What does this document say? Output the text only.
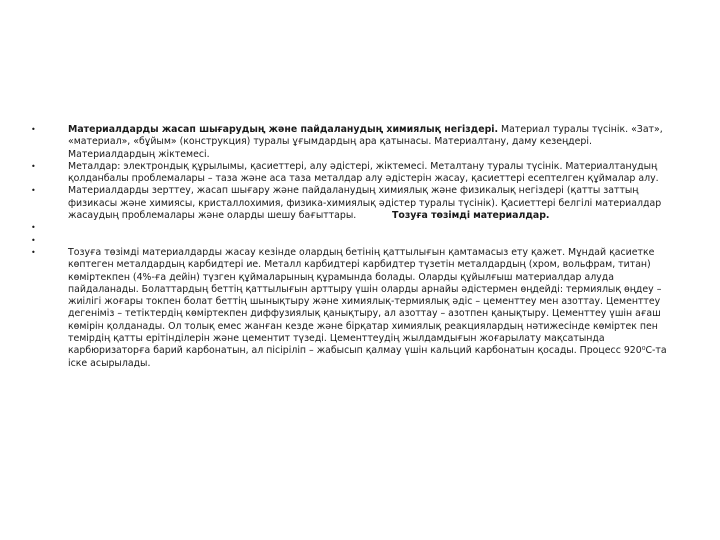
•	Материалдарды жасап шығарудың және пайдаланудың химиялық негіздері. Материал туралы түсінік. «Зат», «материал», «бұйым» (конструкция) туралы ұғымдардың ара қатынасы. Материалтану, даму кезеңдері. Материалдардың жіктемесі.

•	Металдар: электрондық құрылымы, қасиеттері, алу әдістері, жіктемесі. Металтану туралы түсінік. Материалтанудың қолданбалы проблемалары – таза және аса таза металдар алу әдістерін жасау, қасиеттері есептелген құймалар алу.

•	Материалдарды зерттеу, жасап шығару және пайдаланудың химиялық және физикалық негіздері (қатты заттың физикасы және химиясы, кристаллохимия, физика-химиялық әдістер туралы түсінік). Қасиеттері белгілі материалдар жасаудың проблемалары және оларды шешу бағыттары.	Тозуға төзімді материалдар.

•
•
•	Тозуға төзімді материалдарды жасау кезінде олардың бетінің қаттылығын қамтамасыз ету қажет. Мұндай қасиетке көптеген металдардың карбидтері ие. Металл карбидтері карбидтер түзетін металдардың (хром, вольфрам, титан) көміртекпен (4%-ға дейін) түзген құймаларының құрамында болады. Оларды құйылғыш материалдар алуда пайдаланады. Болаттардың беттің қаттылығын арттыру үшін оларды арнайы әдістермен өңдейді: термиялық өңдеу – жиілігі жоғары токпен болат беттің шынықтыру және химиялық-термиялық әдіс – цементтеу мен азоттау. Цементтеу дегеніміз – тетіктердің көміртекпен диффузиялық қанықтыру, ал азоттау – азотпен қанықтыру. Цементтеу үшін ағаш көмірін қолданады. Ол толық емес жанған кезде және бірқатар химиялық реакциялардың нәтижесінде көміртек пен темірдің қатты ерітінділерін және цементит түзеді. Цементтеудің жылдамдығын жоғарылату мақсатында карбюризаторға барий карбонатын, ал пісіріліп – жабысып қалмау үшін кальций карбонатын қосады. Процесс 920⁰С-та іске асырылады.
